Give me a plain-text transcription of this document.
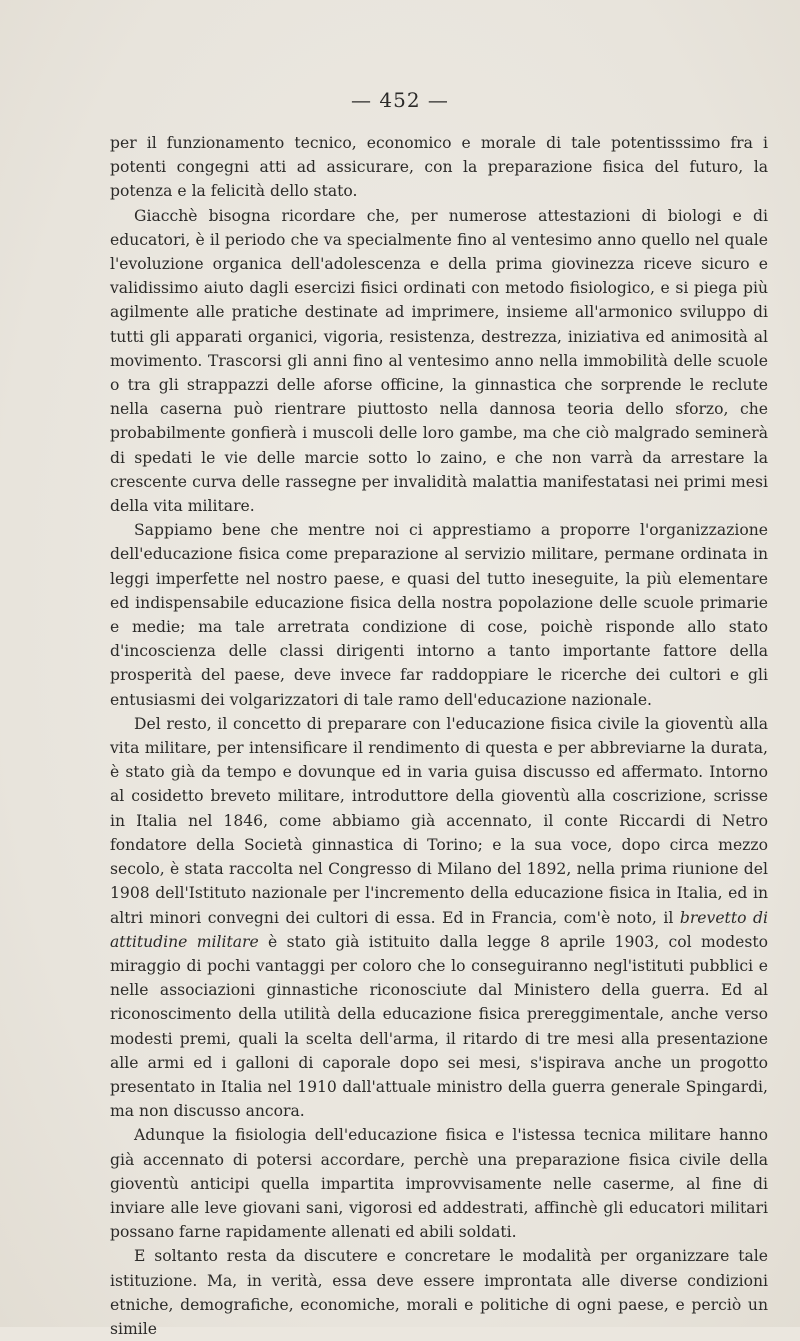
— 452 —

per il funzionamento tecnico, economico e morale di tale potentisssimo fra i potenti congegni atti ad assicurare, con la preparazione fisica del futuro, la potenza e la felicità dello stato.

Giacchè bisogna ricordare che, per numerose attestazioni di biologi e di educatori, è il periodo che va specialmente fino al ventesimo anno quello nel quale l'evoluzione organica dell'adolescenza e della prima giovinezza riceve sicuro e validissimo aiuto dagli esercizi fisici ordinati con metodo fisiologico, e si piega più agilmente alle pratiche destinate ad imprimere, insieme all'armonico sviluppo di tutti gli apparati organici, vigoria, resistenza, destrezza, iniziativa ed animosità al movimento. Trascorsi gli anni fino al ventesimo anno nella immobilità delle scuole o tra gli strappazzi delle aforse officine, la ginnastica che sorprende le reclute nella caserna può rientrare piuttosto nella dannosa teoria dello sforzo, che probabilmente gonfierà i muscoli delle loro gambe, ma che ciò malgrado seminerà di spedati le vie delle marcie sotto lo zaino, e che non varrà da arrestare la crescente curva delle rassegne per invalidità malattia manifestatasi nei primi mesi della vita militare.

Sappiamo bene che mentre noi ci apprestiamo a proporre l'organizzazione dell'educazione fisica come preparazione al servizio militare, permane ordinata in leggi imperfette nel nostro paese, e quasi del tutto ineseguite, la più elementare ed indispensabile educazione fisica della nostra popolazione delle scuole primarie e medie; ma tale arretrata condizione di cose, poichè risponde allo stato d'incoscienza delle classi dirigenti intorno a tanto importante fattore della prosperità del paese, deve invece far raddoppiare le ricerche dei cultori e gli entusiasmi dei volgarizzatori di tale ramo dell'educazione nazionale.

Del resto, il concetto di preparare con l'educazione fisica civile la gioventù alla vita militare, per intensificare il rendimento di questa e per abbreviarne la durata, è stato già da tempo e dovunque ed in varia guisa discusso ed affermato. Intorno al cosidetto breveto militare, introduttore della gioventù alla coscrizione, scrisse in Italia nel 1846, come abbiamo già accennato, il conte Riccardi di Netro fondatore della Società ginnastica di Torino; e la sua voce, dopo circa mezzo secolo, è stata raccolta nel Congresso di Milano del 1892, nella prima riunione del 1908 dell'Istituto nazionale per l'incremento della educazione fisica in Italia, ed in altri minori convegni dei cultori di essa. Ed in Francia, com'è noto, il brevetto di attitudine militare è stato già istituito dalla legge 8 aprile 1903, col modesto miraggio di pochi vantaggi per coloro che lo conseguiranno negl'istituti pubblici e nelle associazioni ginnastiche riconosciute dal Ministero della guerra. Ed al riconoscimento della utilità della educazione fisica prereggimentale, anche verso modesti premi, quali la scelta dell'arma, il ritardo di tre mesi alla presentazione alle armi ed i galloni di caporale dopo sei mesi, s'ispirava anche un progotto presentato in Italia nel 1910 dall'attuale ministro della guerra generale Spingardi, ma non discusso ancora.

Adunque la fisiologia dell'educazione fisica e l'istessa tecnica militare hanno già accennato di potersi accordare, perchè una preparazione fisica civile della gioventù anticipi quella impartita improvvisamente nelle caserme, al fine di inviare alle leve giovani sani, vigorosi ed addestrati, affinchè gli educatori militari possano farne rapidamente allenati ed abili soldati.

E soltanto resta da discutere e concretare le modalità per organizzare tale istituzione. Ma, in verità, essa deve essere improntata alle diverse condizioni etniche, demografiche, economiche, morali e politiche di ogni paese, e perciò un simile
